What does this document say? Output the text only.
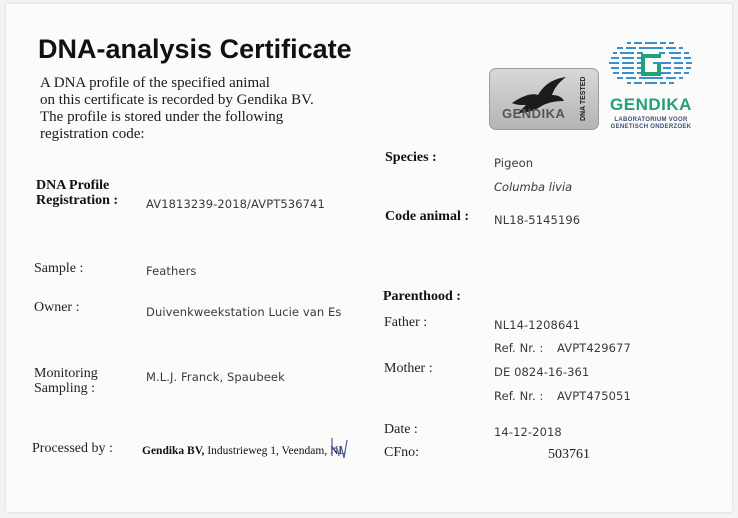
DNA-analysis Certificate
A DNA profile of the specified animal
on this certificate is recorded by Gendika BV.
The profile is stored under the following
registration code:
GENDIKA DNA TESTED	GENDIKA
LABORATORIUM VOOR
GENETISCH ONDERZOEK
DNA Profile
Registration : AV1813239-2018/AVPT536741
Sample :	Feathers
Owner :	Duivenkweekstation Lucie van Es
Monitoring
Sampling :
M.L.J. Franck, Spaubeek
Processed by :	Gendika BV, Industrieweg 1, Veendam, NL
Species :	Pigeon
Columba livia
Code animal : NL18-5145196
Parenthood :
Father :	NL14-1208641
Ref. Nr. : AVPT429677
Mother :	DE 0824-16-361
Ref. Nr. : AVPT475051
Date :	14-12-2018
CFno:	503761
